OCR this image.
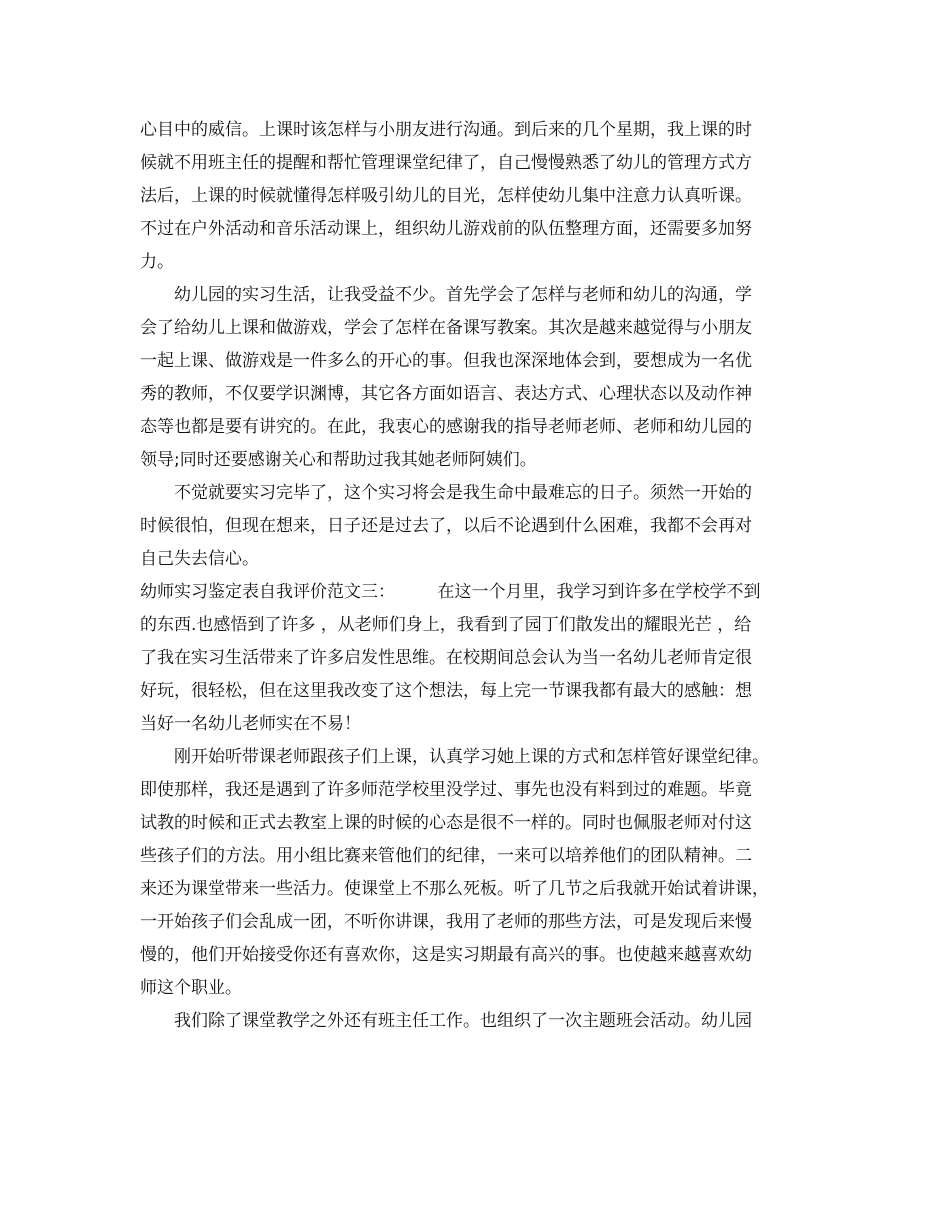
心目中的威信。上课时该怎样与小朋友进行沟通。到后来的几个星期，我上课的时
候就不用班主任的提醒和帮忙管理课堂纪律了，自己慢慢熟悉了幼儿的管理方式方
法后，上课的时候就懂得怎样吸引幼儿的目光，怎样使幼儿集中注意力认真听课。
不过在户外活动和音乐活动课上，组织幼儿游戏前的队伍整理方面，还需要多加努
力。
　　幼儿园的实习生活，让我受益不少。首先学会了怎样与老师和幼儿的沟通，学
会了给幼儿上课和做游戏，学会了怎样在备课写教案。其次是越来越觉得与小朋友
一起上课、做游戏是一件多么的开心的事。但我也深深地体会到，要想成为一名优
秀的教师，不仅要学识渊博，其它各方面如语言、表达方式、心理状态以及动作神
态等也都是要有讲究的。在此，我衷心的感谢我的指导老师老师、老师和幼儿园的
领导;同时还要感谢关心和帮助过我其她老师阿姨们。
　　不觉就要实习完毕了，这个实习将会是我生命中最难忘的日子。须然一开始的
时候很怕，但现在想来，日子还是过去了，以后不论遇到什么困难，我都不会再对
自己失去信心。
幼师实习鉴定表自我评价范文三：　　　在这一个月里，我学习到许多在学校学不到
的东西.也感悟到了许多 ，从老师们身上，我看到了园丁们散发出的耀眼光芒 ，给
了我在实习生活带来了许多启发性思维。在校期间总会认为当一名幼儿老师肯定很
好玩，很轻松，但在这里我改变了这个想法，每上完一节课我都有最大的感触：想
当好一名幼儿老师实在不易！
　　刚开始听带课老师跟孩子们上课，认真学习她上课的方式和怎样管好课堂纪律。
即使那样，我还是遇到了许多师范学校里没学过、事先也没有料到过的难题。毕竟
试教的时候和正式去教室上课的时候的心态是很不一样的。同时也佩服老师对付这
些孩子们的方法。用小组比赛来管他们的纪律，一来可以培养他们的团队精神。二
来还为课堂带来一些活力。使课堂上不那么死板。听了几节之后我就开始试着讲课，
一开始孩子们会乱成一团，不听你讲课，我用了老师的那些方法，可是发现后来慢
慢的，他们开始接受你还有喜欢你，这是实习期最有高兴的事。也使越来越喜欢幼
师这个职业。
　　我们除了课堂教学之外还有班主任工作。也组织了一次主题班会活动。幼儿园
